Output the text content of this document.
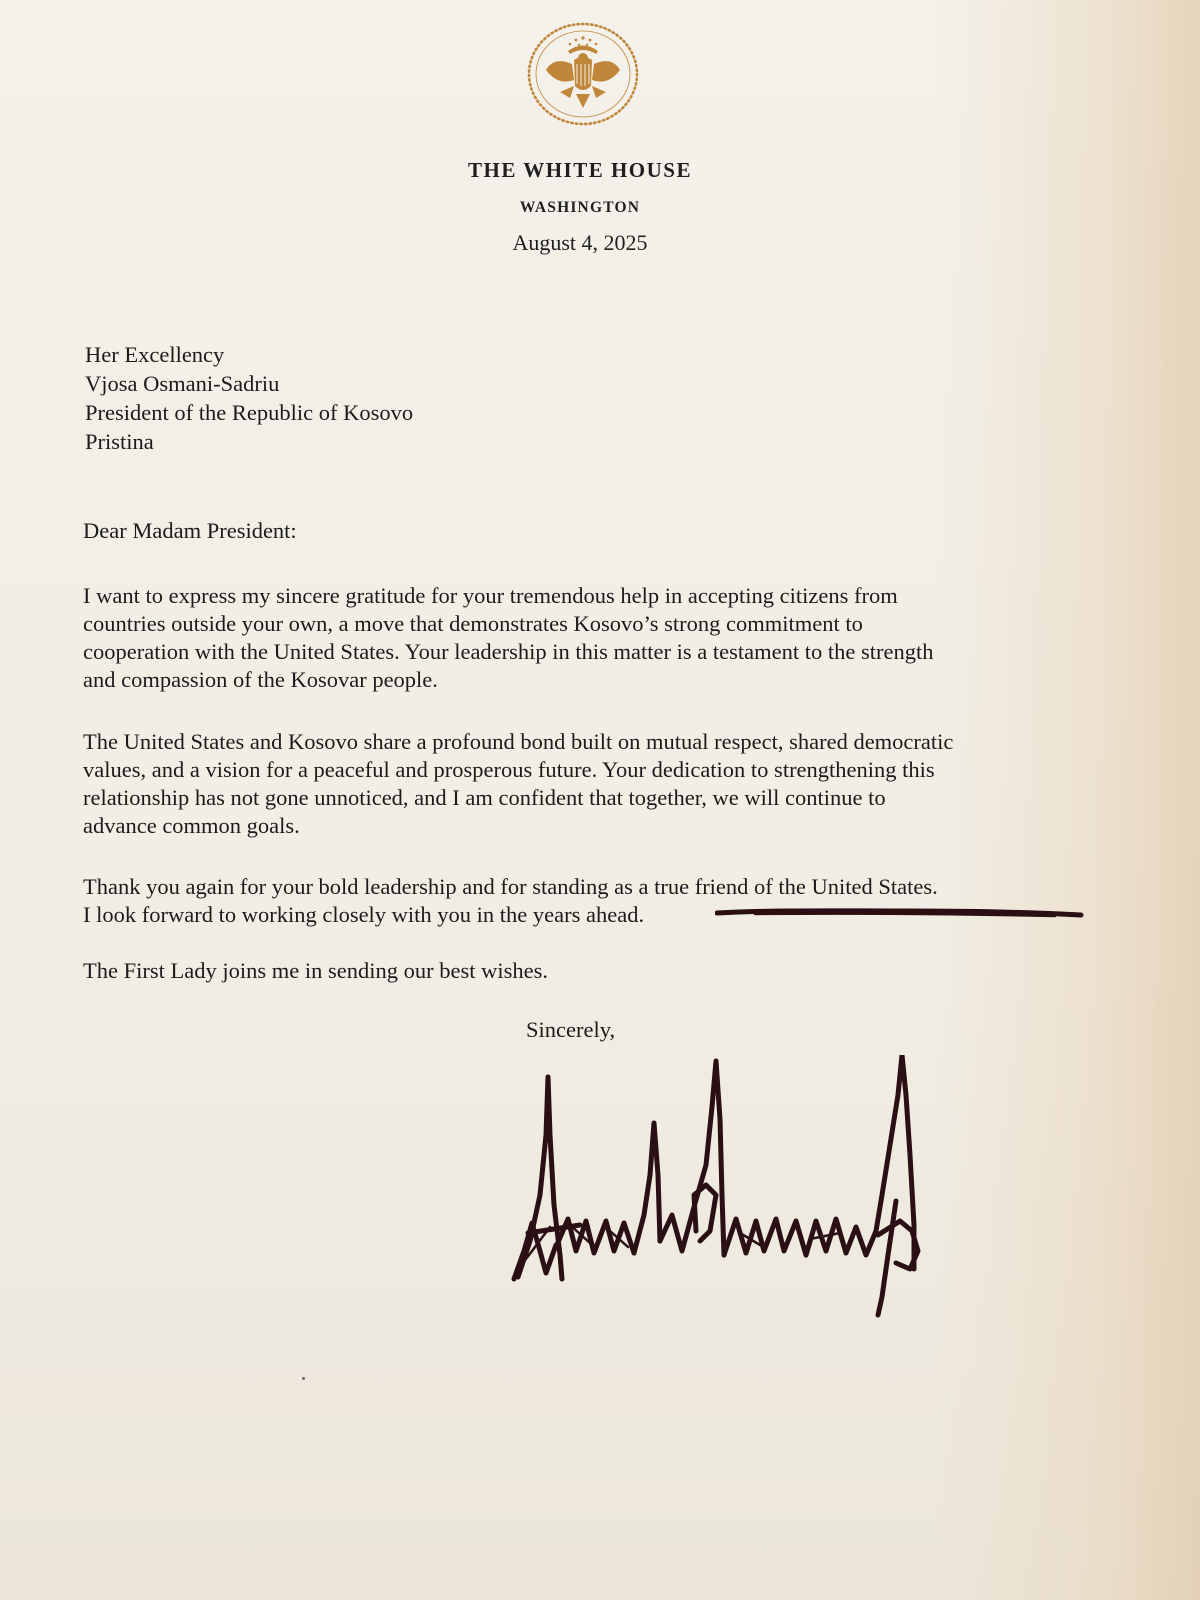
THE WHITE HOUSE
WASHINGTON
August 4, 2025
Her Excellency
Vjosa Osmani-Sadriu
President of the Republic of Kosovo
Pristina
Dear Madam President:
I want to express my sincere gratitude for your tremendous help in accepting citizens from
countries outside your own, a move that demonstrates Kosovo’s strong commitment to
cooperation with the United States. Your leadership in this matter is a testament to the strength
and compassion of the Kosovar people.
The United States and Kosovo share a profound bond built on mutual respect, shared democratic
values, and a vision for a peaceful and prosperous future. Your dedication to strengthening this
relationship has not gone unnoticed, and I am confident that together, we will continue to
advance common goals.
Thank you again for your bold leadership and for standing as a true friend of the United States.
I look forward to working closely with you in the years ahead.
The First Lady joins me in sending our best wishes.
Sincerely,
